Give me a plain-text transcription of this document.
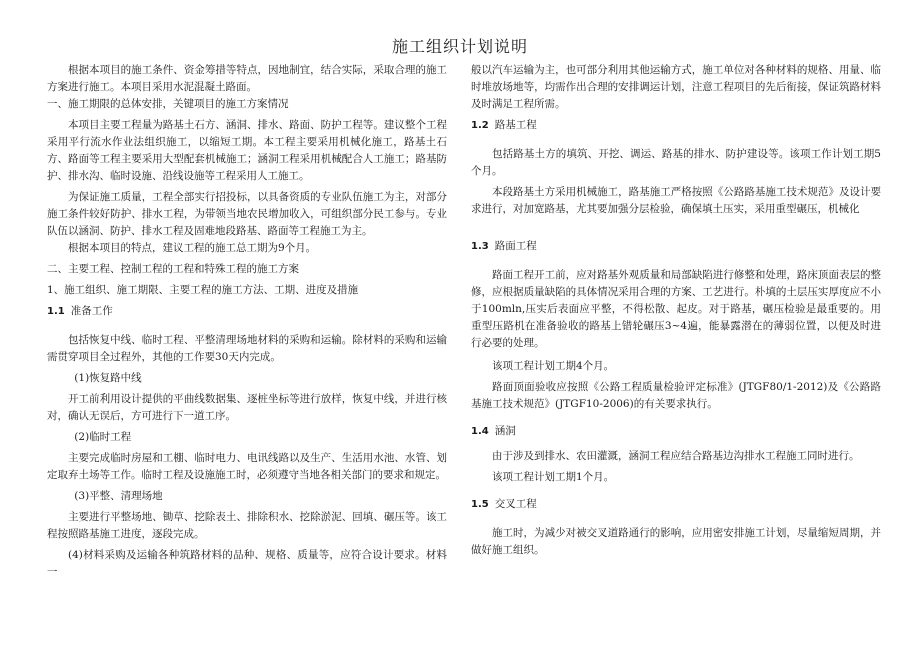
施工组织计划说明

根据本项目的施工条件、资金筹措等特点，因地制宜，结合实际，采取合理的施工方案进行施工。本项目采用水泥混凝土路面。

一、施工期限的总体安排，关键项目的施工方案情况

本项目主要工程量为路基土石方、涵洞、排水、路面、防护工程等。建议整个工程采用平行流水作业法组织施工，以缩短工期。本工程主要采用机械化施工，路基土石方、路面等工程主要采用大型配套机械施工；涵洞工程采用机械配合人工施工；路基防护、排水沟、临时设施、沿线设施等工程采用人工施工。

为保证施工质量，工程全部实行招投标，以具备资质的专业队伍施工为主，对部分施工条件较好防护、排水工程，为带领当地农民增加收入，可组织部分民工参与。专业队伍以涵洞、防护、排水工程及固难地段路基、路面等工程施工为主。

根据本项目的特点，建议工程的施工总工期为9个月。

二、主要工程、控制工程的工程和特殊工程的施工方案

1、施工组织、施工期限、主要工程的施工方法、工期、进度及措施

1.1 准备工作

包括恢复中线、临时工程、平整清理场地材料的采购和运输。除材料的采购和运输需贯穿项目全过程外，其他的工作要30天内完成。

(1)恢复路中线

开工前利用设计提供的平曲线数据集、逐桩坐标等进行放样，恢复中线，并进行核对，确认无误后，方可进行下一道工序。

(2)临时工程

主要完成临时房屋和工棚、临时电力、电讯线路以及生产、生活用水池、水管、划定取弃土场等工作。临时工程及设施施工时，必须遵守当地各相关部门的要求和规定。

(3)平整、清理场地

主要进行平整场地、锄草、挖除表土、排除积水、挖除淤泥、回填、碾压等。该工程按照路基施工进度，逐段完成。

(4)材料采购及运输各种筑路材料的品种、规格、质量等，应符合设计要求。材料一

般以汽车运输为主，也可部分利用其他运输方式，施工单位对各种材料的规格、用量、临时堆放场地等，均需作出合理的安排调运计划，注意工程项目的先后衔接，保证筑路材料及时满足工程所需。

1.2 路基工程

包括路基土方的填筑、开挖、调运、路基的排水、防护建设等。该项工作计划工期5个月。

本段路基土方采用机械施工，路基施工严格按照《公路路基施工技术规范》及设计要求进行，对加宽路基，尤其要加强分层检验，确保填土压实，采用重型碾压，机械化

1.3 路面工程

路面工程开工前，应对路基外观质量和局部缺陷进行修整和处理，路床顶面表层的整修，应根据质量缺陷的具体情况采用合理的方案、工艺进行。朴填的土层压实厚度应不小于100mln,压实后表面应平整，不得松散、起皮。对于路基，碾压检验是最重要的。用重型压路机在准备验收的路基上错轮碾压3~4遍，能暴露潜在的薄弱位置，以便及时进行必要的处理。

该项工程计划工期4个月。

路面顶面验收应按照《公路工程质量检验评定标准》(JTGF80/1-2012)及《公路路基施工技术规范》(JTGF10-2006)的有关要求执行。

1.4 涵洞

由于涉及到排水、农田灌溉，涵洞工程应结合路基边沟排水工程施工同时进行。

该项工程计划工期1个月。

1.5 交叉工程

施工时，为减少对被交叉道路通行的影响，应用密安排施工计划，尽量缩短周期，并做好施工组织。
